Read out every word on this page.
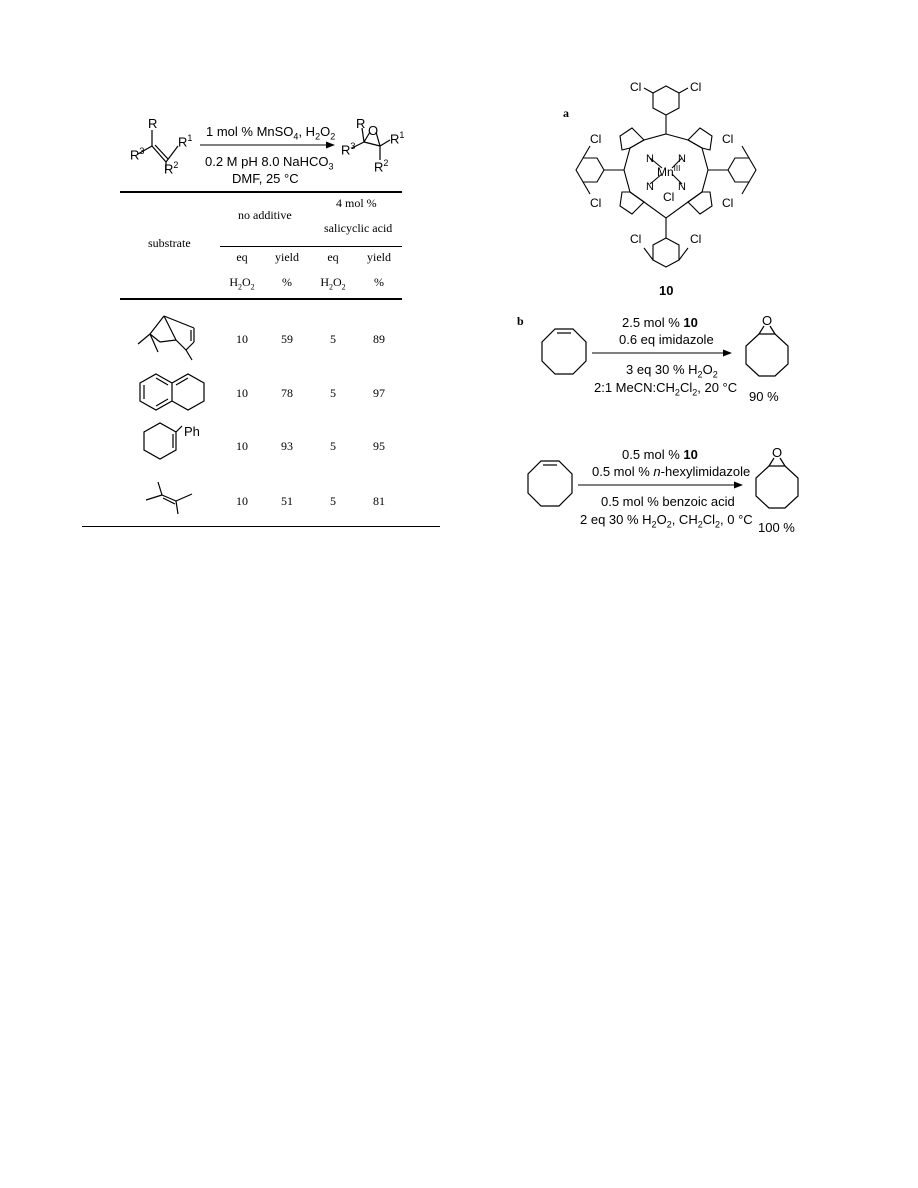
R
$R^1$
$R^3$
$R^2$
1 mol % MnSO$_4$, $H_2O_2$
0.2 M pH 8.0 NaHCO$_3$
DMF, 25 °C
R O
$R^1$
$R^3$
$R^2$
4 mol %
no additive
salicyclic acid
substrate
eq	yield	eq	yield
$H_2O_2$	%	$H_2O_2$	%
10	59	5	89
10	78	5	97
Ph
10	93	5	95
10	51	5	81
a
N N
N N
Cl	Cl
Cl
Cl
Cl
Cl
Cl	Cl
$Mn^{III}$
Cl
10
b	2.5 mol % 10
0.6 eq imidazole
3 eq 30 % $H_2O_2$
2:1 $MeCN:CH_2Cl_2$, 20 °C
O
90 %
0.5 mol % 10
0.5 mol % n-hexylimidazole
0.5 mol % benzoic acid
2 eq 30 % $H_2O_2$, $CH_2Cl_2$, 0 °C
O
100 %
